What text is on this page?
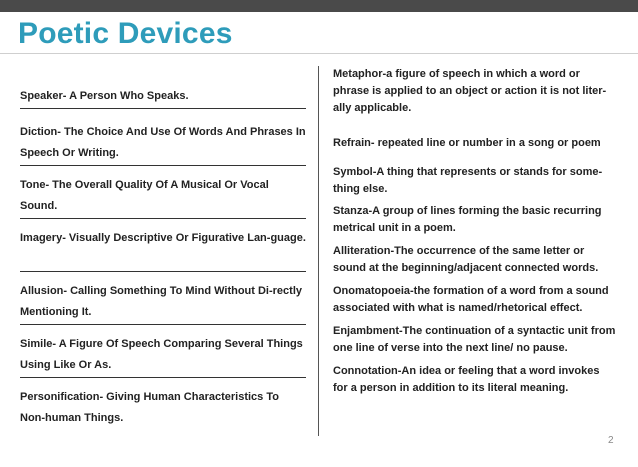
Poetic Devices
Speaker- A Person Who Speaks.
Diction- The Choice And Use Of Words And Phrases In Speech Or Writing.
Tone- The Overall Quality Of A Musical Or Vocal Sound.
Imagery- Visually Descriptive Or Figurative Lan-guage.
Allusion- Calling Something To Mind Without Di-rectly Mentioning It.
Simile- A Figure Of Speech Comparing Several Things Using Like Or As.
Personification- Giving Human Characteristics To Non-human Things.
Metaphor-a figure of speech in which a word or phrase is applied to an object or action it is not liter-ally applicable.
Refrain- repeated line or number in a song or poem
Symbol-A thing that represents or stands for some-thing else.
Stanza-A group of lines forming the basic recurring metrical unit in a poem.
Alliteration-The occurrence of the same letter or sound at the beginning/adjacent connected words.
Onomatopoeia-the formation of a word from a sound associated with what is named/rhetorical effect.
Enjambment-The continuation of a syntactic unit from one line of verse into the next line/ no pause.
Connotation-An idea or feeling that a word invokes for a person in addition to its literal meaning.
2
